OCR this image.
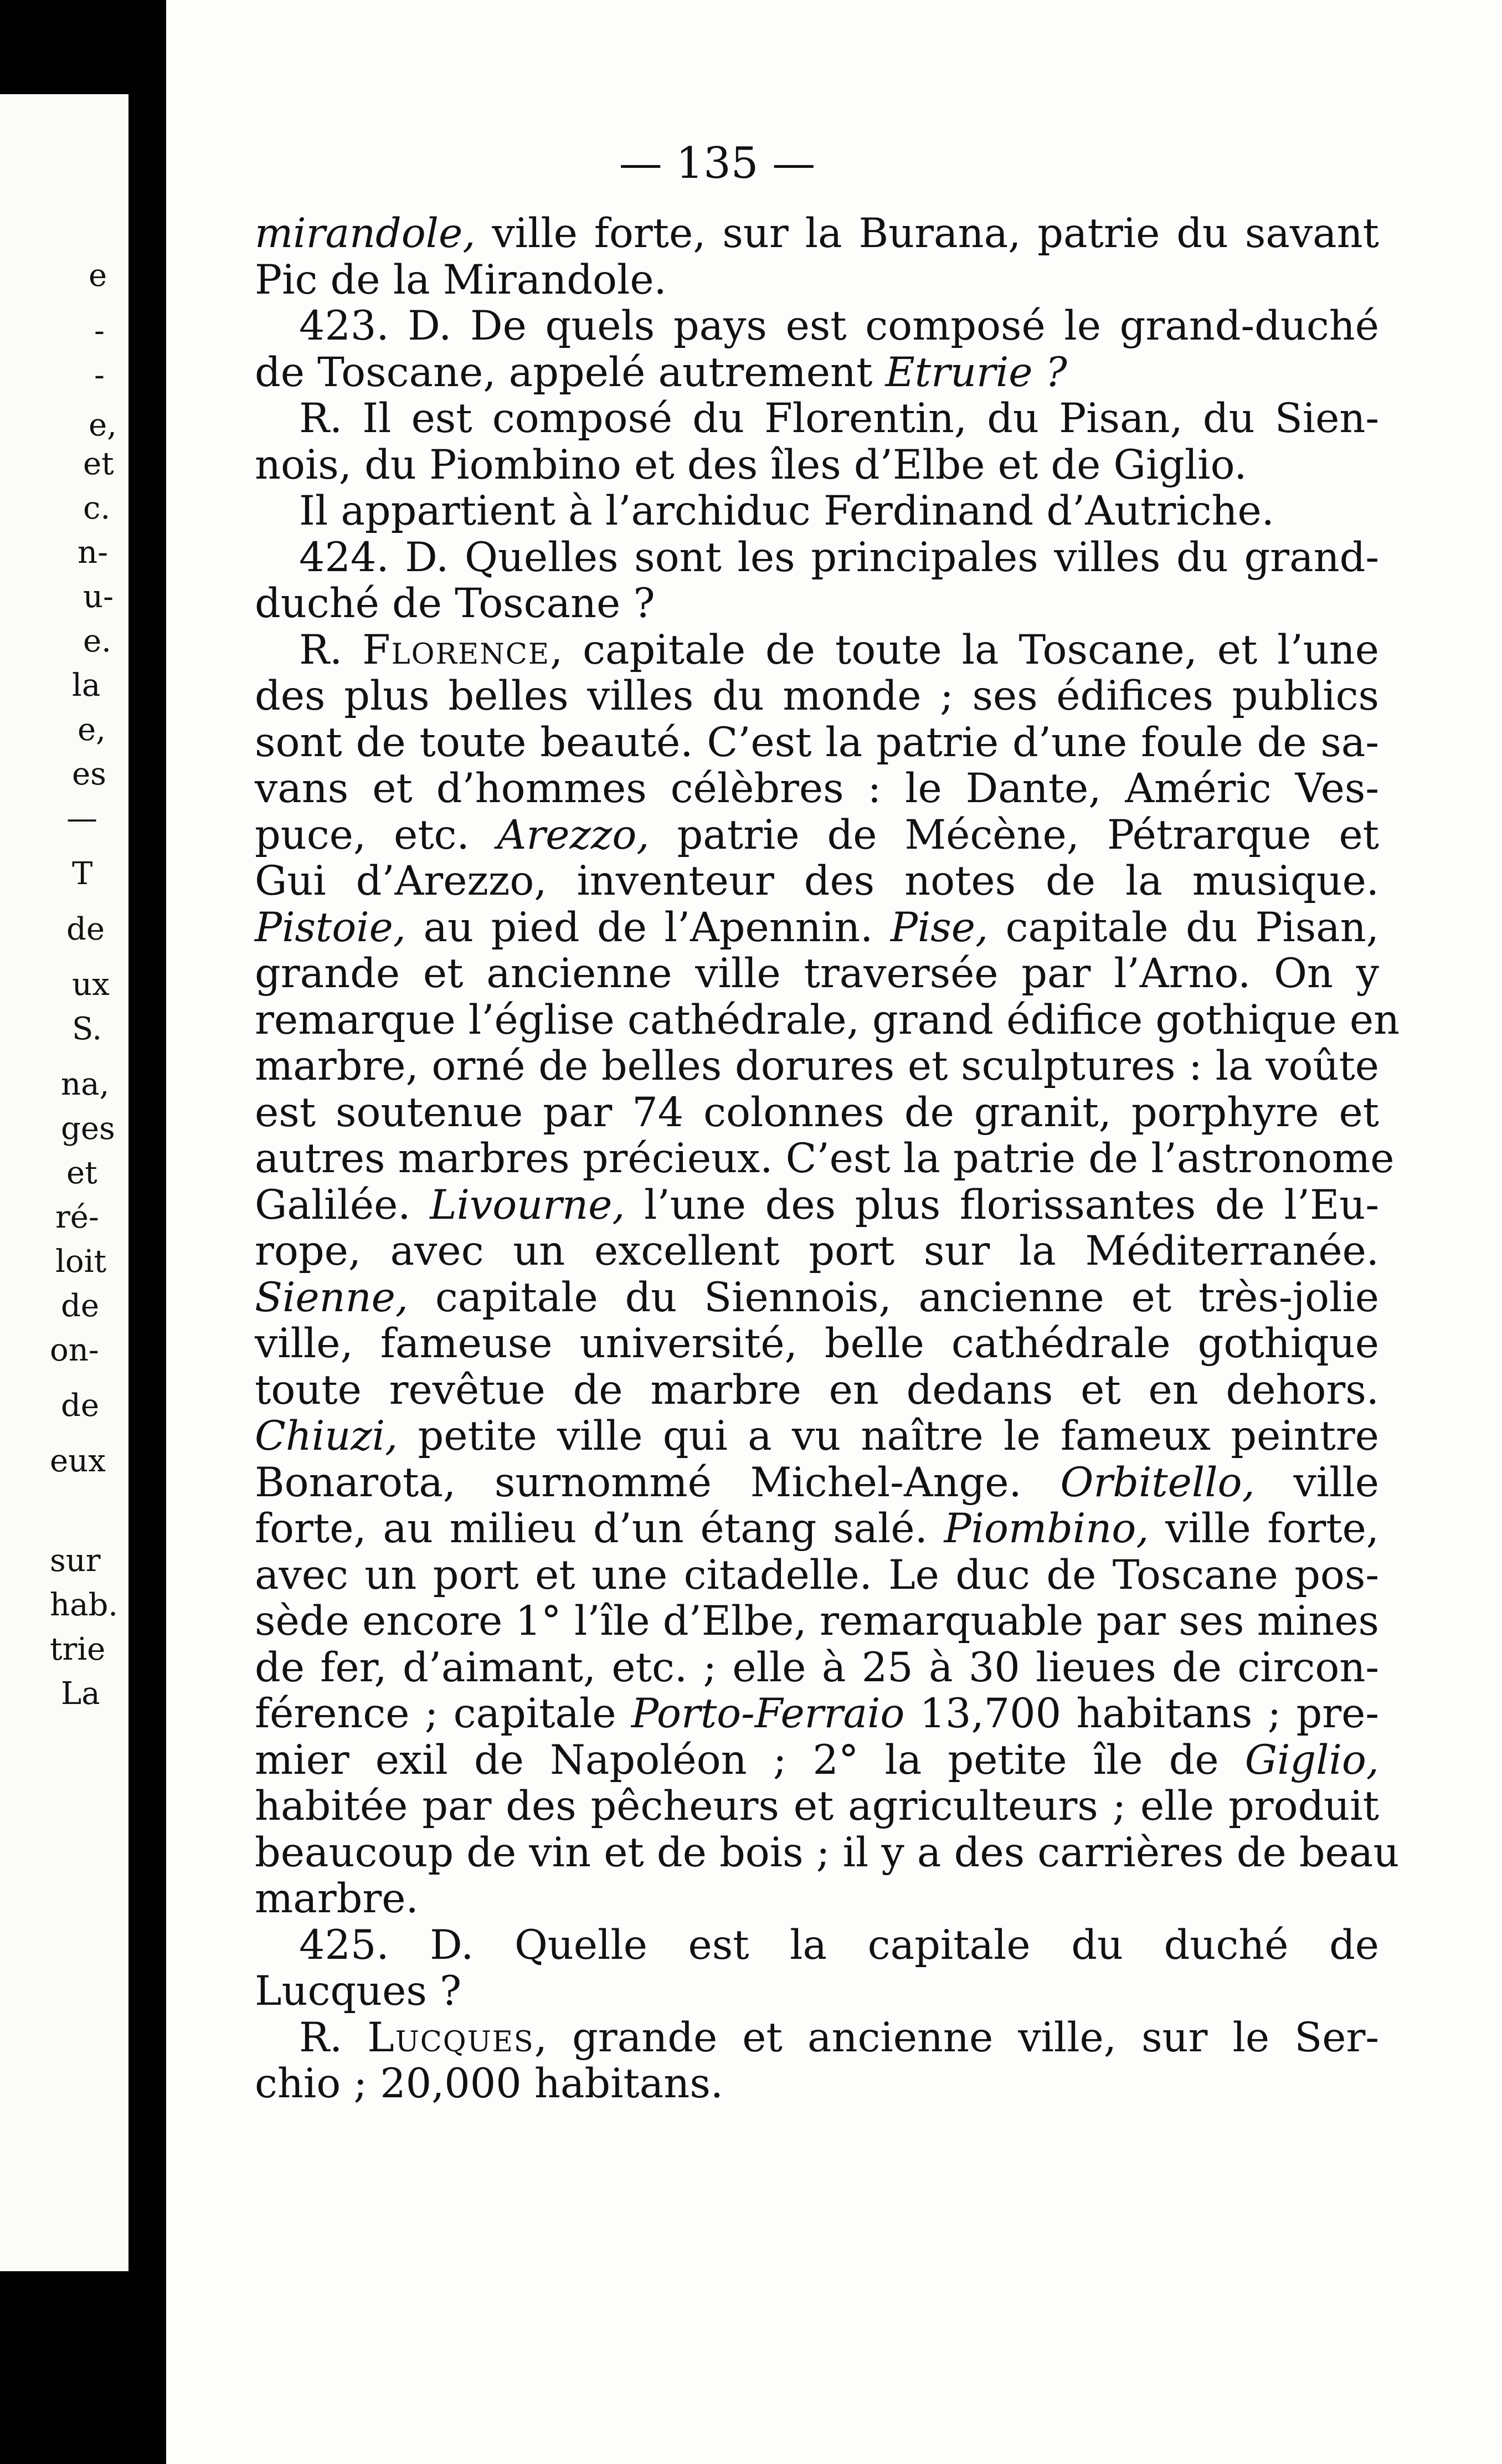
e
-
-
e,
et
c.
n-
u-
e.
la
e,
es
—
T
de
ux
S.
na,
ges
et
ré-
loit
de
on-
de
eux
sur
hab.
trie
La
— 135 —
mirandole, ville forte, sur la Burana, patrie du savant
Pic de la Mirandole.
423. D. De quels pays est composé le grand-duché
de Toscane, appelé autrement Etrurie ?
R. Il est composé du Florentin, du Pisan, du Sien-
nois, du Piombino et des îles d’Elbe et de Giglio.
Il appartient à l’archiduc Ferdinand d’Autriche.
424. D. Quelles sont les principales villes du grand-
duché de Toscane ?
R. Florence, capitale de toute la Toscane, et l’une
des plus belles villes du monde ; ses édifices publics
sont de toute beauté. C’est la patrie d’une foule de sa-
vans et d’hommes célèbres : le Dante, Améric Ves-
puce, etc. Arezzo, patrie de Mécène, Pétrarque et
Gui d’Arezzo, inventeur des notes de la musique.
Pistoie, au pied de l’Apennin. Pise, capitale du Pisan,
grande et ancienne ville traversée par l’Arno. On y
remarque l’église cathédrale, grand édifice gothique en
marbre, orné de belles dorures et sculptures : la voûte
est soutenue par 74 colonnes de granit, porphyre et
autres marbres précieux. C’est la patrie de l’astronome
Galilée. Livourne, l’une des plus florissantes de l’Eu-
rope, avec un excellent port sur la Méditerranée.
Sienne, capitale du Siennois, ancienne et très-jolie
ville, fameuse université, belle cathédrale gothique
toute revêtue de marbre en dedans et en dehors.
Chiuzi, petite ville qui a vu naître le fameux peintre
Bonarota, surnommé Michel-Ange. Orbitello, ville
forte, au milieu d’un étang salé. Piombino, ville forte,
avec un port et une citadelle. Le duc de Toscane pos-
sède encore 1° l’île d’Elbe, remarquable par ses mines
de fer, d’aimant, etc. ; elle à 25 à 30 lieues de circon-
férence ; capitale Porto-Ferraio 13,700 habitans ; pre-
mier exil de Napoléon ; 2° la petite île de Giglio,
habitée par des pêcheurs et agriculteurs ; elle produit
beaucoup de vin et de bois ; il y a des carrières de beau
marbre.
425. D. Quelle est la capitale du duché de
Lucques ?
R. Lucques, grande et ancienne ville, sur le Ser-
chio ; 20,000 habitans.
